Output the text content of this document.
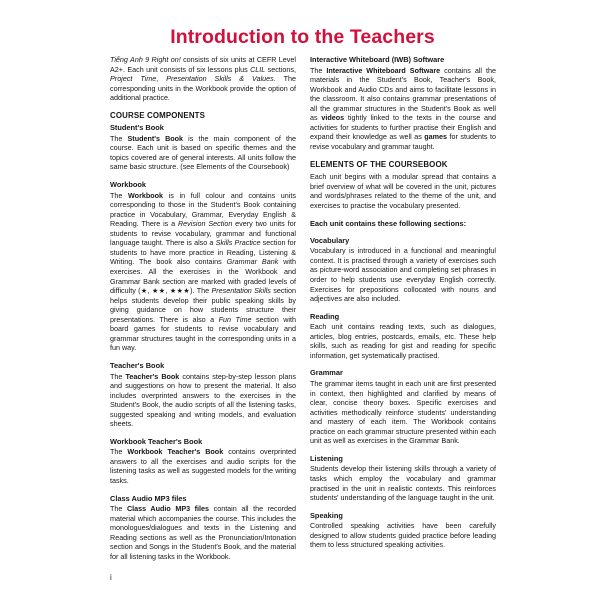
Introduction to the Teachers

Tiếng Anh 9 Right on! consists of six units at CEFR Level A2+. Each unit consists of six lessons plus CLIL sections, Project Time, Presentation Skills & Values. The corresponding units in the Workbook provide the option of additional practice.

COURSE COMPONENTS
Student's Book

The Student's Book is the main component of the course. Each unit is based on specific themes and the topics covered are of general interests. All units follow the same basic structure. (see Elements of the Coursebook)

Workbook

The Workbook is in full colour and contains units corresponding to those in the Student's Book containing practice in Vocabulary, Grammar, Everyday English & Reading. There is a Revision Section every two units for students to revise vocabulary, grammar and functional language taught. There is also a Skills Practice section for students to have more practice in Reading, Listening & Writing. The book also contains Grammar Bank with exercises. All the exercises in the Workbook and Grammar Bank section are marked with graded levels of difficulty (★, ★★, ★★★). The Presentation Skills section helps students develop their public speaking skills by giving guidance on how students structure their presentations. There is also a Fun Time section with board games for students to revise vocabulary and grammar structures taught in the corresponding units in a fun way.

Teacher's Book

The Teacher's Book contains step-by-step lesson plans and suggestions on how to present the material. It also includes overprinted answers to the exercises in the Student's Book, the audio scripts of all the listening tasks, suggested speaking and writing models, and evaluation sheets.

Workbook Teacher's Book

The Workbook Teacher's Book contains overprinted answers to all the exercises and audio scripts for the listening tasks as well as suggested models for the writing tasks.

Class Audio MP3 files

The Class Audio MP3 files contain all the recorded material which accompanies the course. This includes the monologues/dialogues and texts in the Listening and Reading sections as well as the Pronunciation/Intonation section and Songs in the Student's Book, and the material for all listening tasks in the Workbook.

Interactive Whiteboard (IWB) Software

The Interactive Whiteboard Software contains all the materials in the Student's Book, Teacher's Book, Workbook and Audio CDs and aims to facilitate lessons in the classroom. It also contains grammar presentations of all the grammar structures in the Student's Book as well as videos tightly linked to the texts in the course and activities for students to further practise their English and expand their knowledge as well as games for students to revise vocabulary and grammar taught.

ELEMENTS OF THE COURSEBOOK

Each unit begins with a modular spread that contains a brief overview of what will be covered in the unit, pictures and words/phrases related to the theme of the unit, and exercises to practise the vocabulary presented.

Each unit contains these following sections:

Vocabulary

Vocabulary is introduced in a functional and meaningful context. It is practised through a variety of exercises such as picture-word association and completing set phrases in order to help students use everyday English correctly. Exercises for prepositions collocated with nouns and adjectives are also included.

Reading

Each unit contains reading texts, such as dialogues, articles, blog entries, postcards, emails, etc. These help skills, such as reading for gist and reading for specific information, get systematically practised.

Grammar

The grammar items taught in each unit are first presented in context, then highlighted and clarified by means of clear, concise theory boxes. Specific exercises and activities methodically reinforce students' understanding and mastery of each item. The Workbook contains practice on each grammar structure presented within each unit as well as exercises in the Grammar Bank.

Listening

Students develop their listening skills through a variety of tasks which employ the vocabulary and grammar practised in the unit in realistic contexts. This reinforces students' understanding of the language taught in the unit.

Speaking

Controlled speaking activities have been carefully designed to allow students guided practice before leading them to less structured speaking activities.

i
